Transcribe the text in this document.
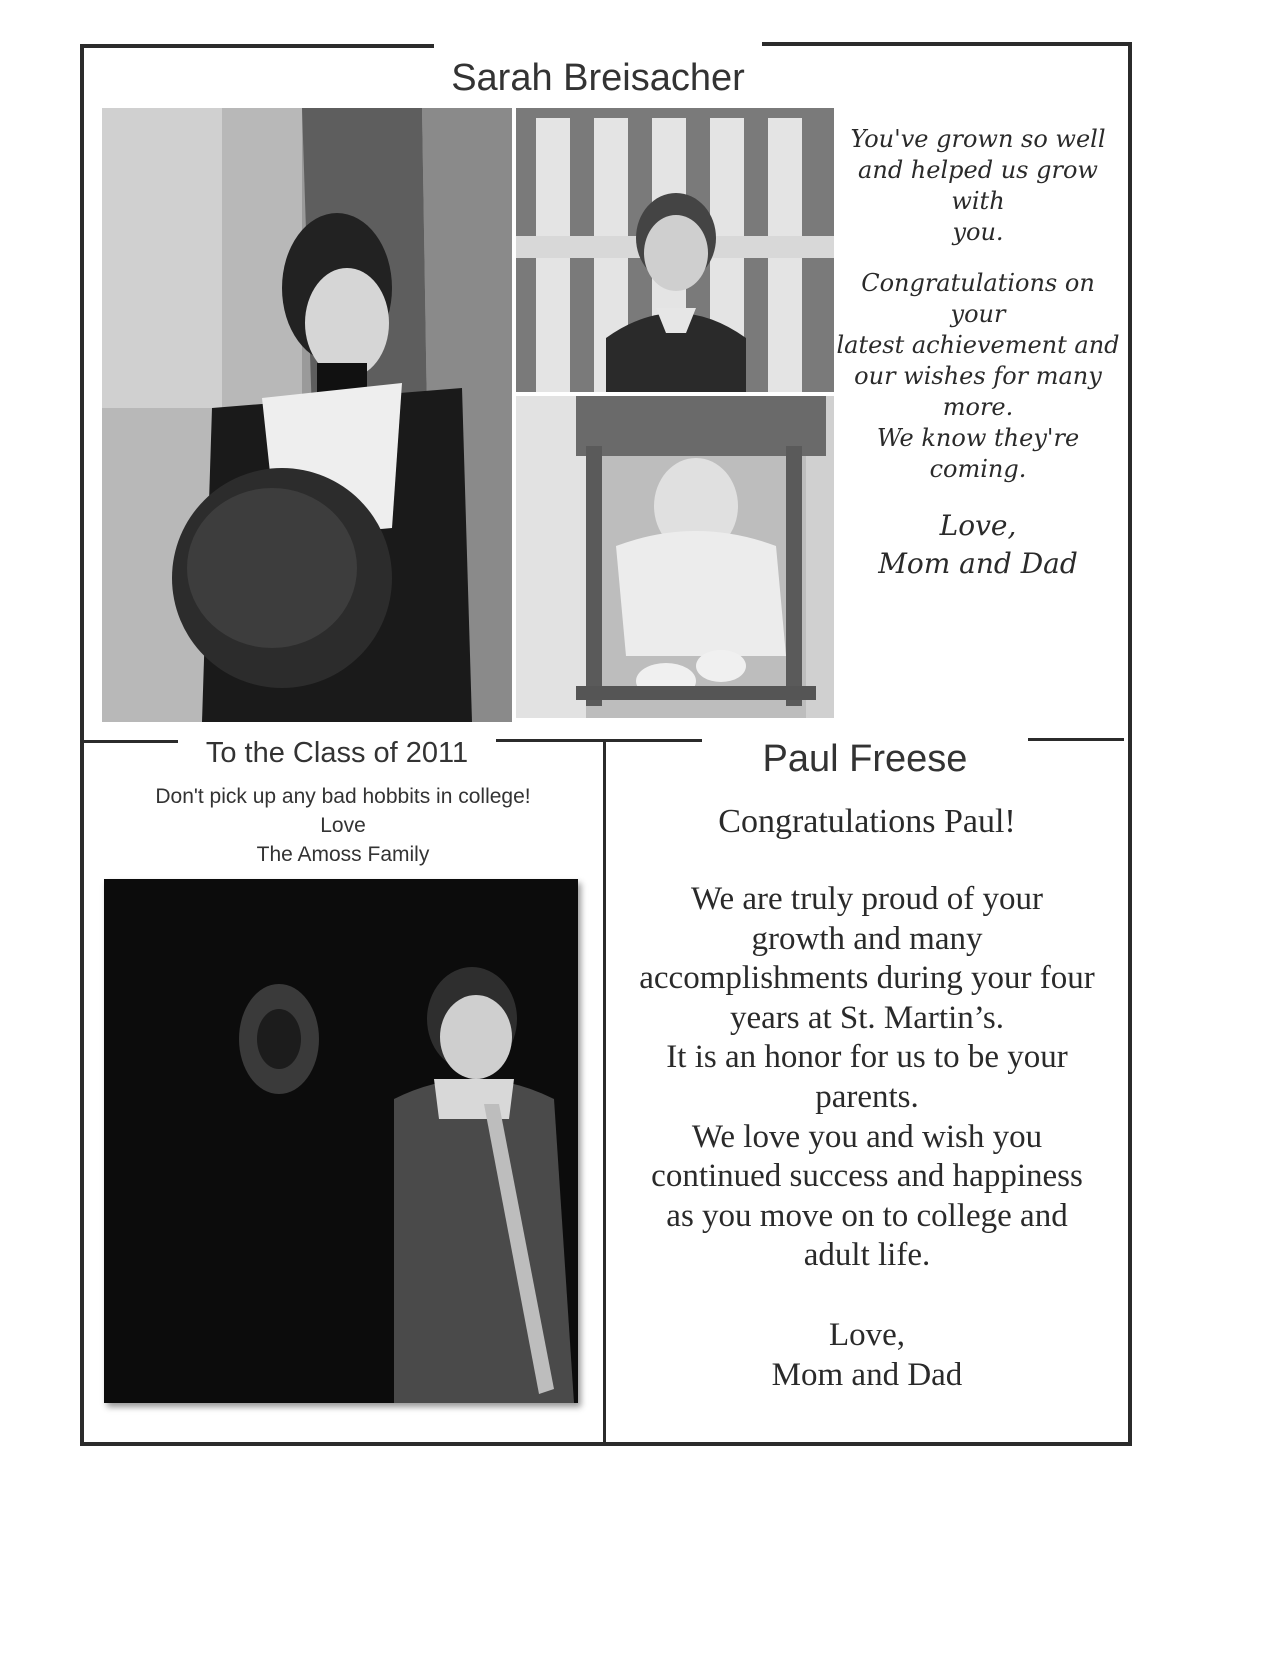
Sarah Breisacher

You've grown so well

and helped us grow with

you.

Congratulations on your

latest achievement and

our wishes for many

more.

We know they're

coming.

Love,

Mom and Dad

To the Class of 2011
Don't pick up any bad hobbits in college!
Love
The Amoss Family
Paul Freese

Congratulations Paul!

We are truly proud of your

growth and many

accomplishments during your four

years at St. Martin’s.

It is an honor for us to be your

parents.

We love you and wish you

continued success and happiness

as you move on to college and

adult life.

Love,

Mom and Dad
